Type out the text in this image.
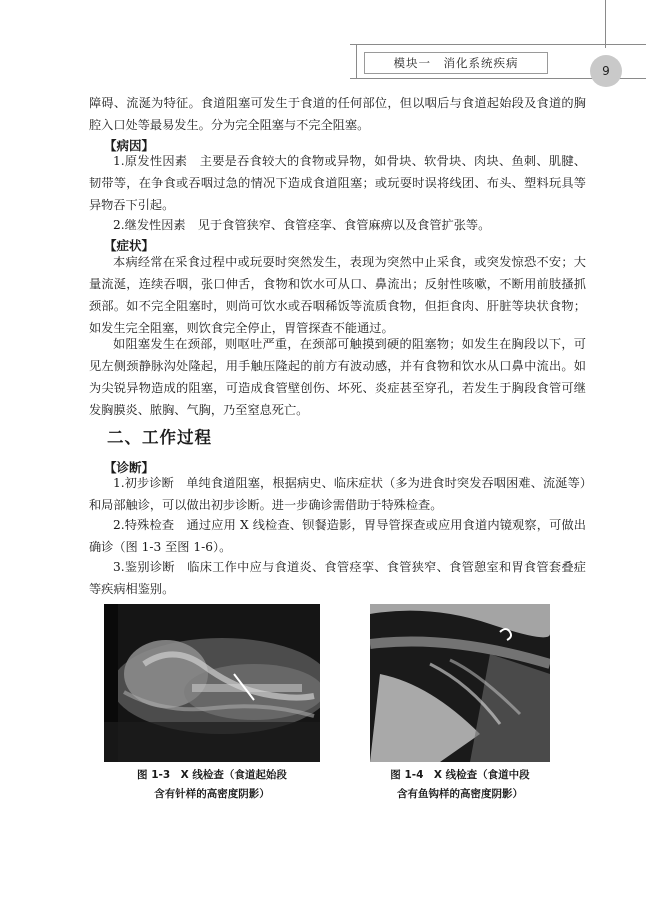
模块一　消化系统疾病
9

障碍、流涎为特征。食道阻塞可发生于食道的任何部位，但以咽后与食道起始段及食道的胸腔入口处等最易发生。分为完全阻塞与不完全阻塞。

【病因】

1.原发性因素　主要是吞食较大的食物或异物，如骨块、软骨块、肉块、鱼刺、肌腱、韧带等，在争食或吞咽过急的情况下造成食道阻塞；或玩耍时误将线团、布头、塑料玩具等异物吞下引起。

2.继发性因素　见于食管狭窄、食管痉挛、食管麻痹以及食管扩张等。

【症状】

本病经常在采食过程中或玩耍时突然发生，表现为突然中止采食，或突发惊恐不安；大量流涎，连续吞咽，张口伸舌，食物和饮水可从口、鼻流出；反射性咳嗽，不断用前肢搔抓颈部。如不完全阻塞时，则尚可饮水或吞咽稀饭等流质食物，但拒食肉、肝脏等块状食物；如发生完全阻塞，则饮食完全停止，胃管探查不能通过。

如阻塞发生在颈部，则呕吐严重，在颈部可触摸到硬的阻塞物；如发生在胸段以下，可见左侧颈静脉沟处隆起，用手触压隆起的前方有波动感，并有食物和饮水从口鼻中流出。如为尖锐异物造成的阻塞，可造成食管壁创伤、坏死、炎症甚至穿孔，若发生于胸段食管可继发胸膜炎、脓胸、气胸，乃至窒息死亡。

二、工作过程
【诊断】

1.初步诊断　单纯食道阻塞，根据病史、临床症状（多为进食时突发吞咽困难、流涎等）和局部触诊，可以做出初步诊断。进一步确诊需借助于特殊检查。

2.特殊检查　通过应用 X 线检查、钡餐造影，胃导管探查或应用食道内镜观察，可做出确诊（图 1-3 至图 1-6）。

3.鉴别诊断　临床工作中应与食道炎、食管痉挛、食管狭窄、食管憩室和胃食管套叠症等疾病相鉴别。

图 1-3　X 线检查（食道起始段
含有针样的高密度阴影）
图 1-4　X 线检查（食道中段
含有鱼钩样的高密度阴影）
